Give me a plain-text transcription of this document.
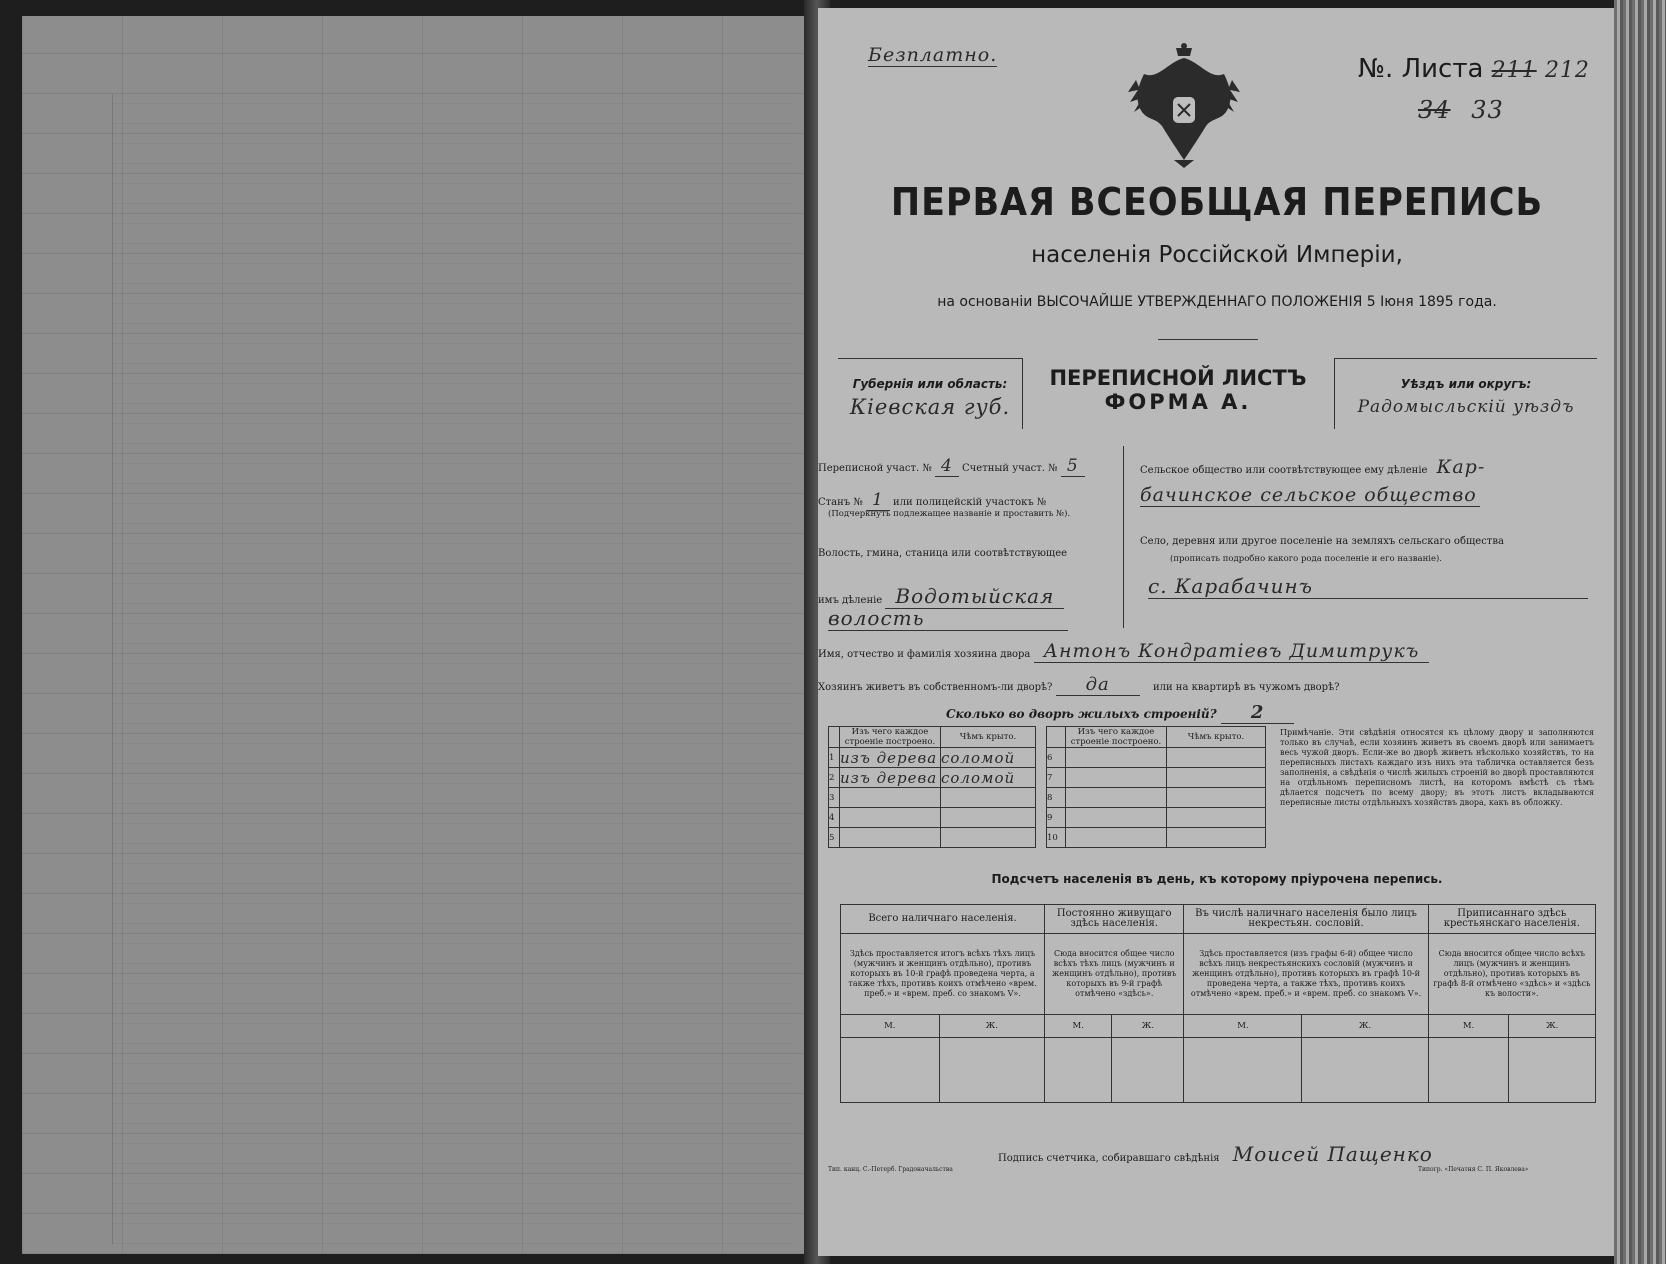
Безплатно.	№. Листа 211 212
34 33
ПЕРВАЯ ВСЕОБЩАЯ ПЕРЕПИСЬ
населенія Россійской Имперіи,
на основаніи ВЫСОЧАЙШЕ УТВЕРЖДЕННАГО ПОЛОЖЕНІЯ 5 Іюня 1895 года.
Губернія или область:
Кіевская губ.
ПЕРЕПИСНОЙ ЛИСТЪ
ФОРМА А.
Уѣздъ или округъ:
Радомысльскій уѣздъ
Переписной участ. № 4 Счетный участ. № 5
Станъ № 1 или полицейскій участокъ №
(Подчеркнуть подлежащее названіе и проставить №).
Волость, гмина, станица или соотвѣтствующее
имъ дѣленіе Водотыйская
волость
Сельское общество или соотвѣтствующее ему дѣленіе Кар-
бачинское сельское общество
Село, деревня или другое поселеніе на земляхъ сельскаго общества
(прописать подробно какого рода поселеніе и его названіе).
с. Карабачинъ
Имя, отчество и фамилія хозяина двора Антонъ Кондратіевъ Димитрукъ
Хозяинъ живетъ въ собственномъ-ли дворѣ? да	или на квартирѣ въ чужомъ дворѣ?
Сколько во дворѣ жилыхъ строеній? 2
	Изъ чего каждое строеніе построено.	Чѣмъ крыто.
1	изъ дерева	соломой
2	изъ дерева	соломой
3		
4		
5		
	Изъ чего каждое строеніе построено.	Чѣмъ крыто.
6		
7		
8		
9		
10		
Примѣчаніе. Эти свѣдѣнія относятся къ цѣлому двору и заполняются только въ случаѣ, если хозяинъ живетъ въ своемъ дворѣ или занимаетъ весь чужой дворъ. Если-же во дворѣ живетъ нѣсколько хозяйствъ, то на переписныхъ листахъ каждаго изъ нихъ эта табличка оставляется безъ заполненія, а свѣдѣнія о числѣ жилыхъ строеній во дворѣ проставляются на отдѣльномъ переписномъ листѣ, на которомъ вмѣстѣ съ тѣмъ дѣлается подсчетъ по всему двору; въ этотъ листъ вкладываются переписные листы отдѣльныхъ хозяйствъ двора, какъ въ обложку.
Подсчетъ населенія въ день, къ которому пріурочена перепись.
Всего наличнаго населенія.		Постоянно живущаго здѣсь населенія.		Въ числѣ наличнаго населенія было лицъ некрестьян. сословій.		Приписаннаго здѣсь крестьянскаго населенія.	
Здѣсь проставляется итогъ всѣхъ тѣхъ лицъ (мужчинъ и женщинъ отдѣльно), противъ которыхъ въ 10-й графѣ проведена черта, а также тѣхъ, противъ коихъ отмѣчено «врем. преб.» и «врем. преб. со знакомъ V».		Сюда вносится общее число всѣхъ тѣхъ лицъ (мужчинъ и женщинъ отдѣльно), противъ которыхъ въ 9-й графѣ отмѣчено «здѣсь».		Здѣсь проставляется (изъ графы 6-й) общее число всѣхъ лицъ некрестьянскихъ сословій (мужчинъ и женщинъ отдѣльно), противъ которыхъ въ графѣ 10-й проведена черта, а также тѣхъ, противъ коихъ отмѣчено «врем. преб.» и «врем. преб. со знакомъ V».		Сюда вносится общее число всѣхъ лицъ (мужчинъ и женщинъ отдѣльно), противъ которыхъ въ графѣ 8-й отмѣчено «здѣсь» и «здѣсь къ волости».	
М.	Ж.	М.	Ж.	М.	Ж.	М.	Ж.

Подпись счетчика, собиравшаго свѣдѣнія Моисей Пащенко
Тип. канц. С.-Петерб. Градоначальства	Типогр. «Печатня С. П. Яковлева»
